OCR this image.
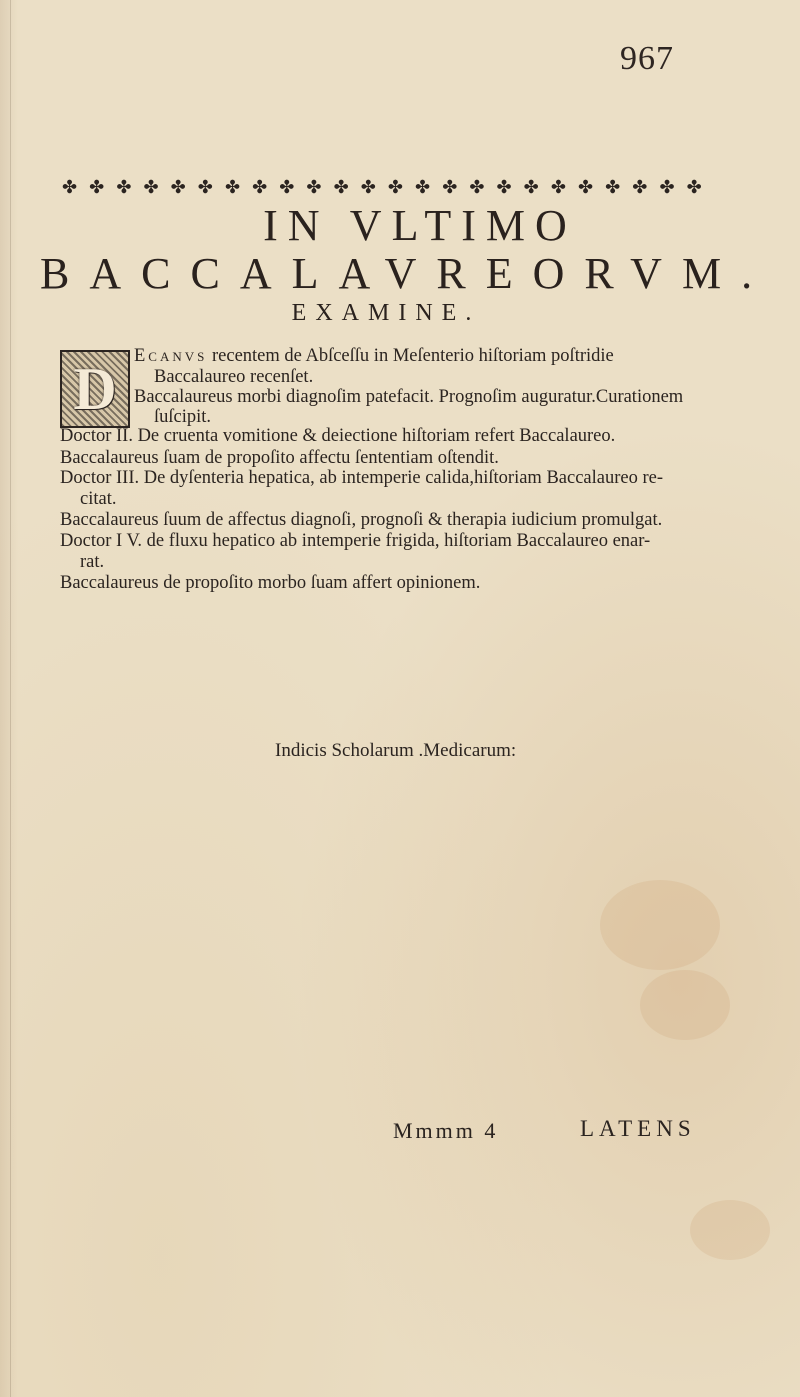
967
✤ ✤ ✤ ✤ ✤ ✤ ✤ ✤ ✤ ✤ ✤ ✤ ✤ ✤ ✤ ✤ ✤ ✤ ✤ ✤ ✤ ✤ ✤ ✤
IN VLTIMO
BACCALAVREORVM.
EXAMINE.
D Ecanvs recentem de Abſceſſu in Meſenterio hiſtoriam poſtridie
Baccalaureo recenſet.
Baccalaureus morbi diagnoſim patefacit. Prognoſim auguratur.Curationem
ſuſcipit.
Doctor II. De cruenta vomitione & deiectione hiſtoriam refert Baccalaureo.
Baccalaureus ſuam de propoſito affectu ſententiam oſtendit.
Doctor III. De dyſenteria hepatica, ab intemperie calida,hiſtoriam Baccalaureo re-
citat.
Baccalaureus ſuum de affectus diagnoſi, prognoſi & therapia iudicium promulgat.
Doctor I V. de fluxu hepatico ab intemperie frigida, hiſtoriam Baccalaureo enar-
rat.
Baccalaureus de propoſito morbo ſuam affert opinionem.
Indicis Scholarum .Medicarum:
Mmmm 4	LATENS
